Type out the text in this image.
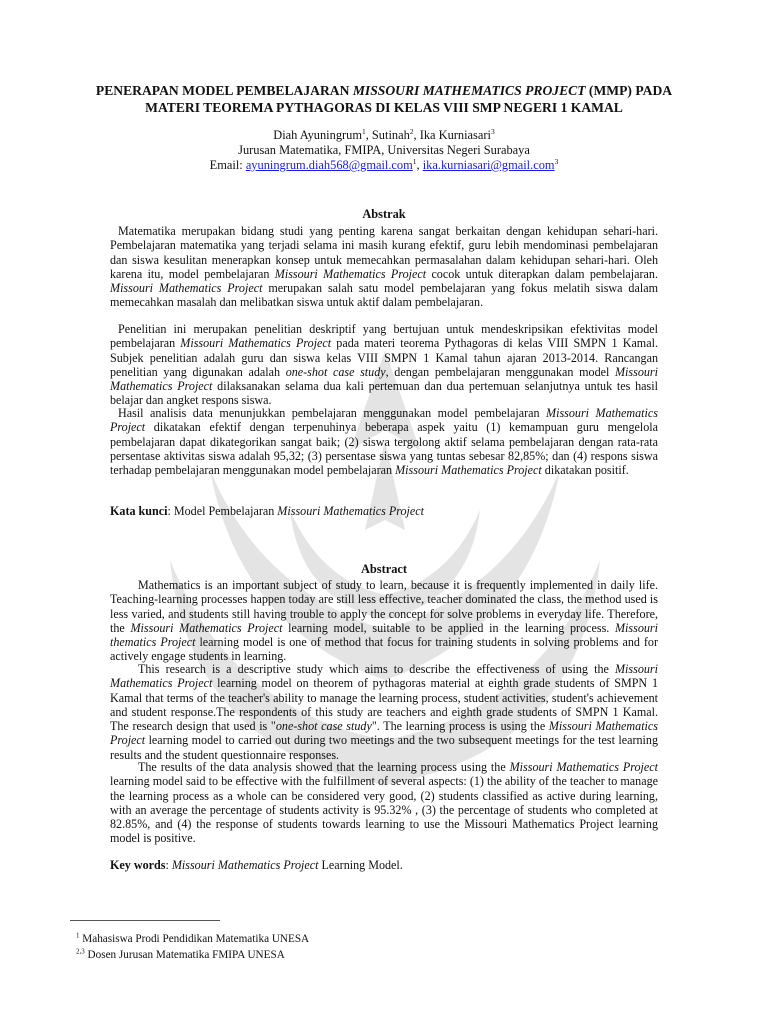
PENERAPAN MODEL PEMBELAJARAN MISSOURI MATHEMATICS PROJECT (MMP) PADA
MATERI TEOREMA PYTHAGORAS DI KELAS VIII SMP NEGERI 1 KAMAL
Diah Ayuningrum$^1$, Sutinah$^2$, Ika Kurniasari$^3$
Jurusan Matematika, FMIPA, Universitas Negeri Surabaya
Email: ayuningrum.diah568@gmail.com$^1$, ika.kurniasari@gmail.com$^3$
Abstrak

Matematika merupakan bidang studi yang penting karena sangat berkaitan dengan kehidupan sehari-hari. Pembelajaran matematika yang terjadi selama ini masih kurang efektif, guru lebih mendominasi pembelajaran dan siswa kesulitan menerapkan konsep untuk memecahkan permasalahan dalam kehidupan sehari-hari. Oleh karena itu, model pembelajaran Missouri Mathematics Project cocok untuk diterapkan dalam pembelajaran. Missouri Mathematics Project merupakan salah satu model pembelajaran yang fokus melatih siswa dalam memecahkan masalah dan melibatkan siswa untuk aktif dalam pembelajaran.

Penelitian ini merupakan penelitian deskriptif yang bertujuan untuk mendeskripsikan efektivitas model pembelajaran Missouri Mathematics Project pada materi teorema Pythagoras di kelas VIII SMPN 1 Kamal. Subjek penelitian adalah guru dan siswa kelas VIII SMPN 1 Kamal tahun ajaran 2013-2014. Rancangan penelitian yang digunakan adalah one-shot case study, dengan pembelajaran menggunakan model Missouri Mathematics Project dilaksanakan selama dua kali pertemuan dan dua pertemuan selanjutnya untuk tes hasil belajar dan angket respons siswa.

Hasil analisis data menunjukkan pembelajaran menggunakan model pembelajaran Missouri Mathematics Project dikatakan efektif dengan terpenuhinya beberapa aspek yaitu (1) kemampuan guru mengelola pembelajaran dapat dikategorikan sangat baik; (2) siswa tergolong aktif selama pembelajaran dengan rata-rata persentase aktivitas siswa adalah 95,32; (3) persentase siswa yang tuntas sebesar 82,85%; dan (4) respons siswa terhadap pembelajaran menggunakan model pembelajaran Missouri Mathematics Project dikatakan positif.

Kata kunci: Model Pembelajaran Missouri Mathematics Project
Abstract

Mathematics is an important subject of study to learn, because it is frequently implemented in daily life. Teaching-learning processes happen today are still less effective, teacher dominated the class, the method used is less varied, and students still having trouble to apply the concept for solve problems in everyday life. Therefore, the Missouri Mathematics Project learning model, suitable to be applied in the learning process. Missouri thematics Project learning model is one of method that focus for training students in solving problems and for actively engage students in learning.

This research is a descriptive study which aims to describe the effectiveness of using the Missouri Mathematics Project learning model on theorem of pythagoras material at eighth grade students of SMPN 1 Kamal that terms of the teacher's ability to manage the learning process, student activities, student's achievement and student response.The respondents of this study are teachers and eighth grade students of SMPN 1 Kamal. The research design that used is "one-shot case study". The learning process is using the Missouri Mathematics Project learning model to carried out during two meetings and the two subsequent meetings for the test learning results and the student questionnaire responses.

The results of the data analysis showed that the learning process using the Missouri Mathematics Project learning model said to be effective with the fulfillment of several aspects: (1) the ability of the teacher to manage the learning process as a whole can be considered very good, (2) students classified as active during learning, with an average the percentage of students activity is 95.32% , (3) the percentage of students who completed at 82.85%, and (4) the response of students towards learning to use the Missouri Mathematics Project learning model is positive.

Key words: Missouri Mathematics Project Learning Model.
$^1$ Mahasiswa Prodi Pendidikan Matematika UNESA
$^{2,3}$ Dosen Jurusan Matematika FMIPA UNESA
